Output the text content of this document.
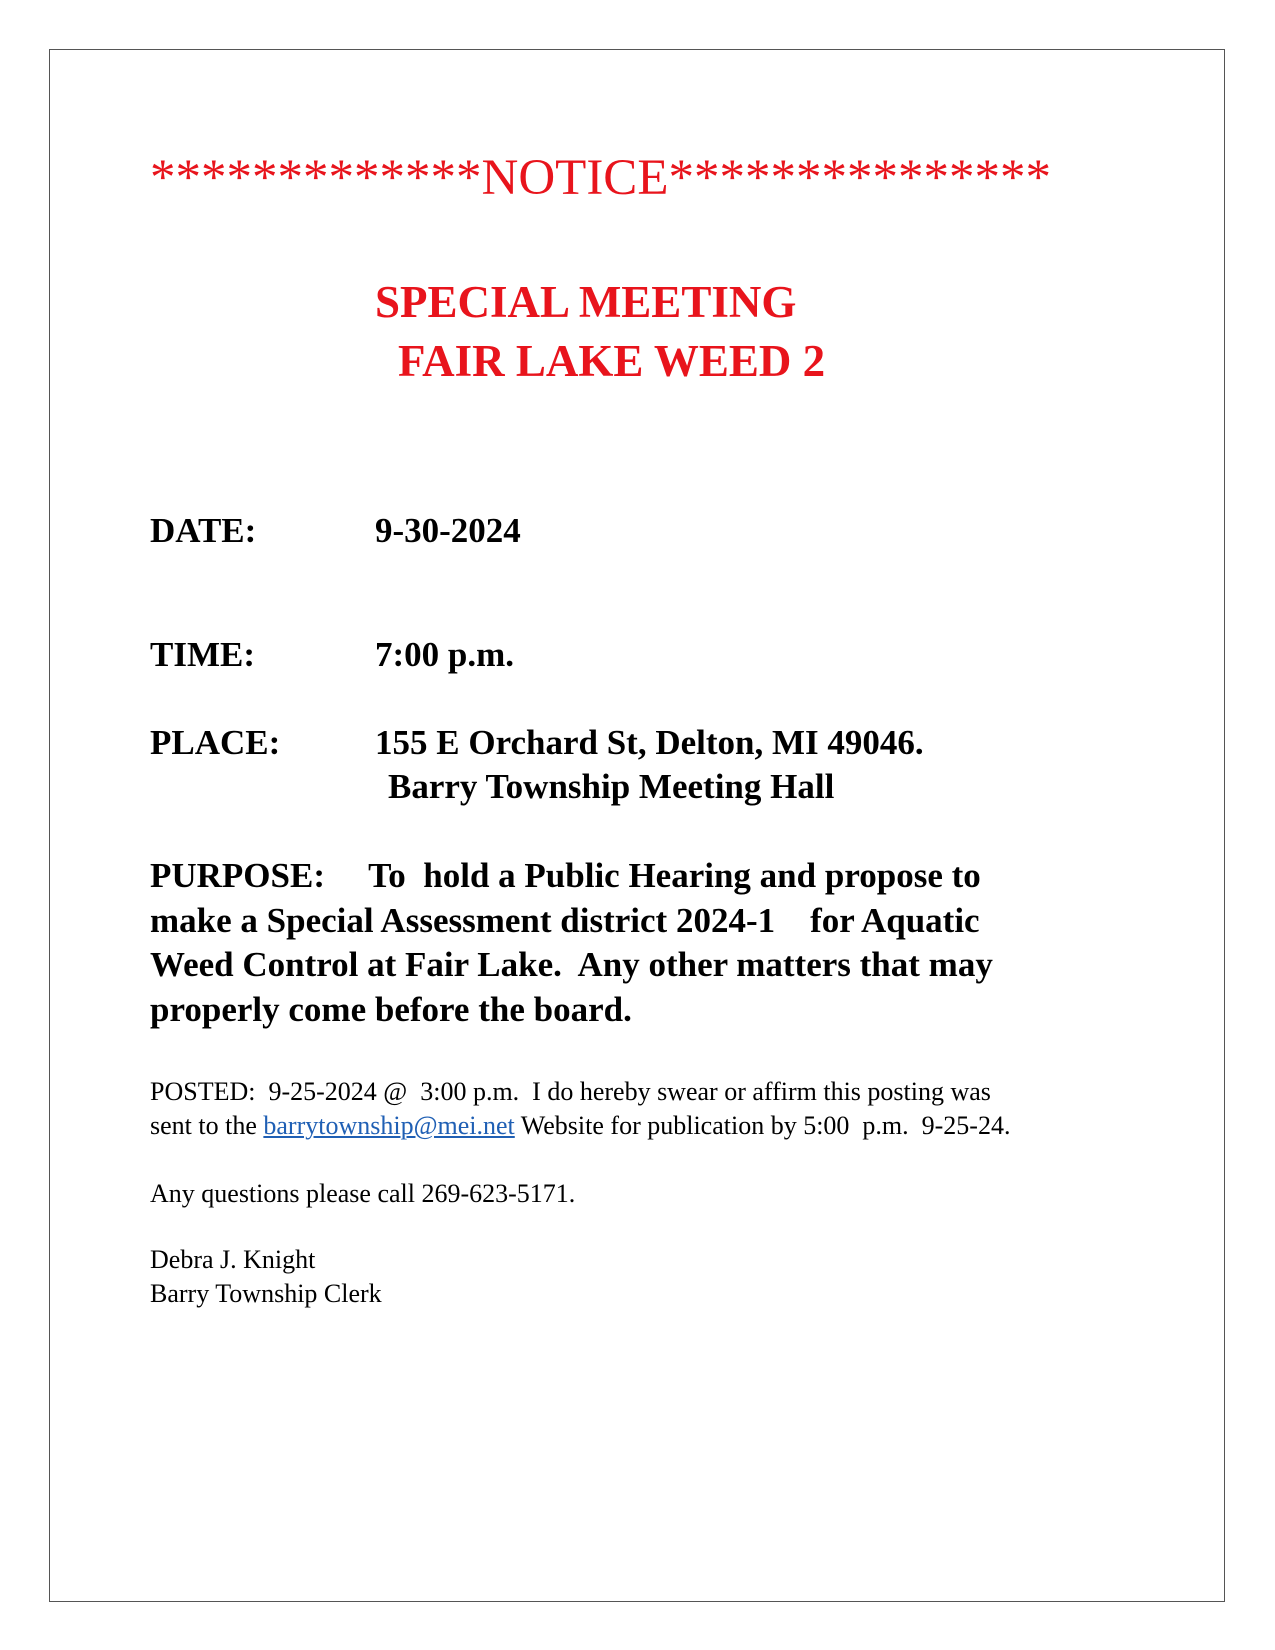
*************NOTICE***************
SPECIAL MEETING
FAIR LAKE WEED 2
DATE:	9-30-2024
TIME:	7:00 p.m.
PLACE:	155 E Orchard St, Delton, MI 49046.
Barry Township Meeting Hall
PURPOSE:     To  hold a Public Hearing and propose to
make a Special Assessment district 2024-1    for Aquatic
Weed Control at Fair Lake.  Any other matters that may
properly come before the board.
POSTED:  9-25-2024 @  3:00 p.m.  I do hereby swear or affirm this posting was
sent to the barrytownship@mei.net Website for publication by 5:00  p.m.  9-25-24.
Any questions please call 269-623-5171.
Debra J. Knight
Barry Township Clerk
